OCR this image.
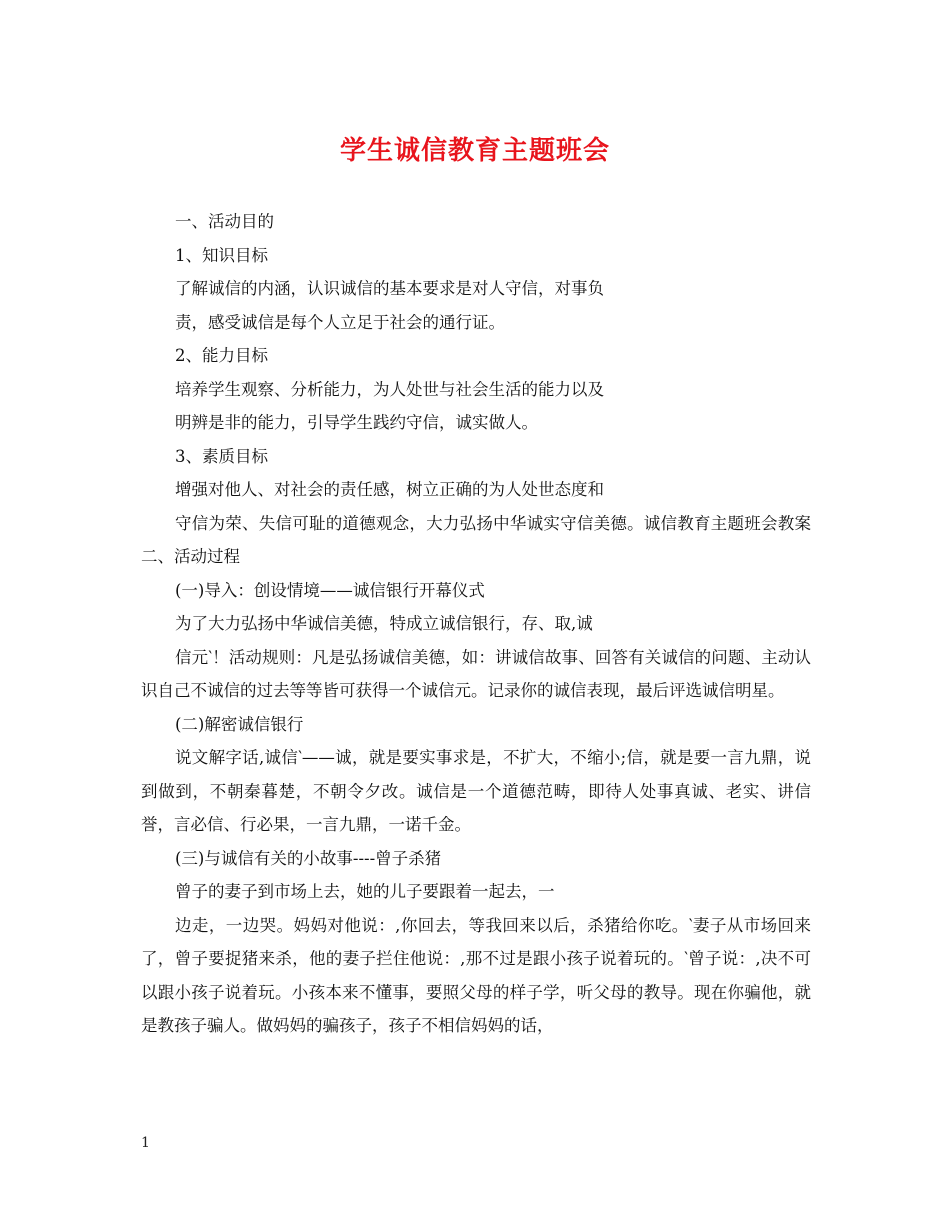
学生诚信教育主题班会

一、活动目的

1、知识目标

了解诚信的内涵，认识诚信的基本要求是对人守信，对事负

责，感受诚信是每个人立足于社会的通行证。

2、能力目标

培养学生观察、分析能力，为人处世与社会生活的能力以及

明辨是非的能力，引导学生践约守信，诚实做人。

3、素质目标

增强对他人、对社会的责任感，树立正确的为人处世态度和

守信为荣、失信可耻的道德观念，大力弘扬中华诚实守信美德。诚信教育主题班会教案二、活动过程

(一)导入：创设情境——诚信银行开幕仪式

为了大力弘扬中华诚信美德，特成立诚信银行，存、取,诚

信元‵！活动规则：凡是弘扬诚信美德，如：讲诚信故事、回答有关诚信的问题、主动认识自己不诚信的过去等等皆可获得一个诚信元。记录你的诚信表现，最后评选诚信明星。

(二)解密诚信银行

说文解字话,诚信‵——诚，就是要实事求是，不扩大，不缩小;信，就是要一言九鼎，说到做到，不朝秦暮楚，不朝令夕改。诚信是一个道德范畴，即待人处事真诚、老实、讲信誉，言必信、行必果，一言九鼎，一诺千金。

(三)与诚信有关的小故事----曾子杀猪

曾子的妻子到市场上去，她的儿子要跟着一起去，一

边走，一边哭。妈妈对他说：,你回去，等我回来以后，杀猪给你吃。‵妻子从市场回来了，曾子要捉猪来杀，他的妻子拦住他说：,那不过是跟小孩子说着玩的。‵曾子说：,决不可以跟小孩子说着玩。小孩本来不懂事，要照父母的样子学，听父母的教导。现在你骗他，就是教孩子骗人。做妈妈的骗孩子，孩子不相信妈妈的话，

1
